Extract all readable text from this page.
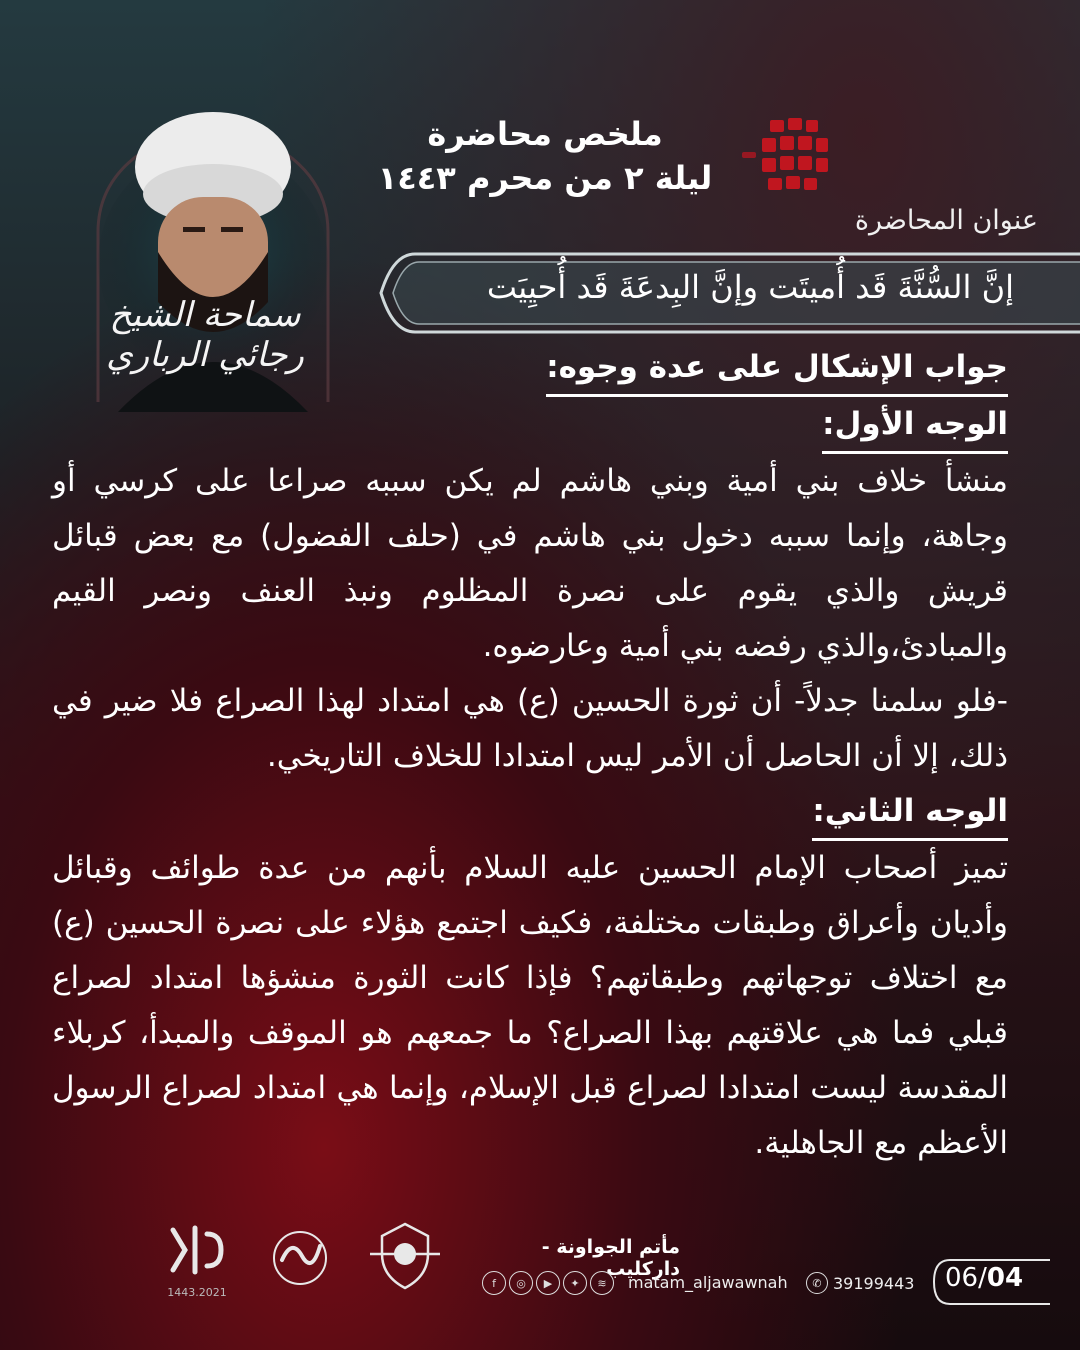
سماحة الشيخ رجائي الرباري
ملخص محاضرة
ليلة ٢ من محرم ١٤٤٣
عنوان المحاضرة
إنَّ السُّنَّةَ قَد أُميتَت وإنَّ البِدعَةَ قَد أُحيِيَت
جواب الإشكال على عدة وجوه:
الوجه الأول:

منشأ خلاف بني أمية وبني هاشم لم يكن سببه صراعا على كرسي أو وجاهة، وإنما سببه دخول بني هاشم في (حلف الفضول) مع بعض قبائل قريش والذي يقوم على نصرة المظلوم ونبذ العنف ونصر القيم والمبادئ،والذي رفضه بني أمية وعارضوه.

-فلو سلمنا جدلاً- أن ثورة الحسين (ع) هي امتداد لهذا الصراع فلا ضير في ذلك، إلا أن الحاصل أن الأمر ليس امتدادا للخلاف التاريخي.

الوجه الثاني:

تميز أصحاب الإمام الحسين عليه السلام بأنهم من عدة طوائف وقبائل وأديان وأعراق وطبقات مختلفة، فكيف اجتمع هؤلاء على نصرة الحسين (ع) مع اختلاف توجهاتهم وطبقاتهم؟ فإذا كانت الثورة منشؤها امتداد لصراع قبلي فما هي علاقتهم بهذا الصراع؟ ما جمعهم هو الموقف والمبدأ، كربلاء المقدسة ليست امتدادا لصراع قبل الإسلام، وإنما هي امتداد لصراع الرسول الأعظم مع الجاهلية.

1443.2021
مأتم الجواونة - داركليب
f	◎	▶	✦	≋	matam_aljawawnah	✆ 39199443 06/04
